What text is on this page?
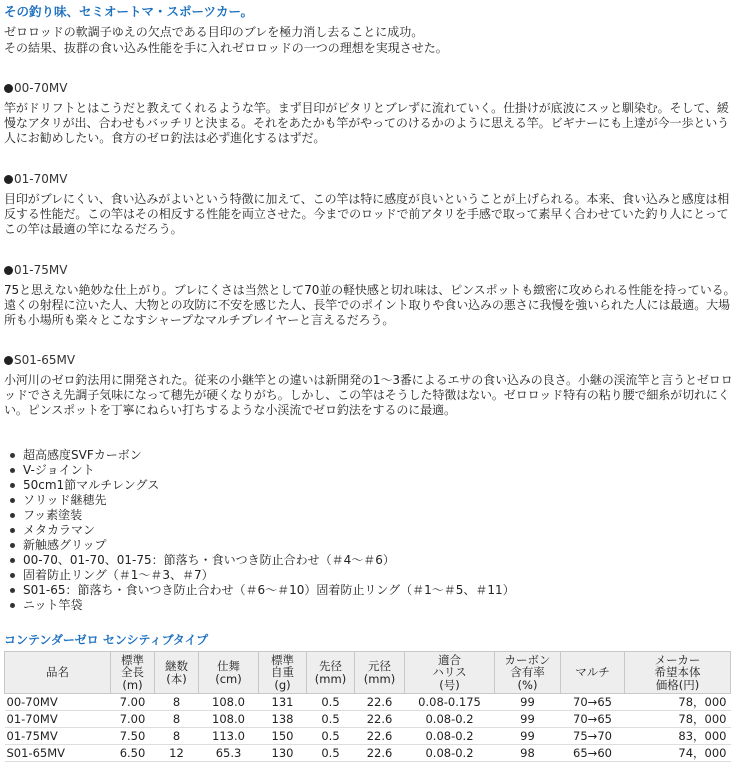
その釣り味、セミオートマ・スポーツカー。

ゼロロッドの軟調子ゆえの欠点である目印のブレを極力消し去ることに成功。

その結果、抜群の食い込み性能を手に入れゼロロッドの一つの理想を実現させた。

00-70MV

竿がドリフトとはこうだと教えてくれるような竿。まず目印がピタリとブレずに流れていく。仕掛けが底波にスッと馴染む。そして、緩慢なアタリが出、合わせもバッチリと決まる。それをあたかも竿がやってのけるかのように思える竿。ビギナーにも上達が今一歩という人にお勧めしたい。食方のゼロ釣法は必ず進化するはずだ。

01-70MV

目印がブレにくい、食い込みがよいという特徴に加えて、この竿は特に感度が良いということが上げられる。本来、食い込みと感度は相反する性能だ。この竿はその相反する性能を両立させた。今までのロッドで前アタリを手感で取って素早く合わせていた釣り人にとってこの竿は最適の竿になるだろう。

01-75MV

75と思えない絶妙な仕上がり。ブレにくさは当然として70並の軽快感と切れ味は、ピンスポットも緻密に攻められる性能を持っている。遠くの射程に泣いた人、大物との攻防に不安を感じた人、長竿でのポイント取りや食い込みの悪さに我慢を強いられた人には最適。大場所も小場所も楽々とこなすシャープなマルチプレイヤーと言えるだろう。

S01-65MV

小河川のゼロ釣法用に開発された。従来の小継竿との違いは新開発の1～3番によるエサの食い込みの良さ。小継の渓流竿と言うとゼロロッドでさえ先調子気味になって穂先が硬くなりがち。しかし、この竿はそうした特徴はない。ゼロロッド特有の粘り腰で細糸が切れにくい。ピンスポットを丁寧にねらい打ちするような小渓流でゼロ釣法をするのに最適。

超高感度SVFカーボン
V-ジョイント
50cm1節マルチレングス
ソリッド継穂先
フッ素塗装
メタカラマン
新触感グリップ
00-70、01-70、01-75：節落ち・食いつき防止合わせ（＃4～＃6）
固着防止リング（＃1～＃3、＃7）
S01-65：節落ち・食いつき防止合わせ（＃6～＃10）固着防止リング（＃1～＃5、＃11）
ニット竿袋
コンテンダーゼロ センシティブタイプ
品名	標準
全長
(m)	継数
(本)	仕舞
(cm)	標準
自重
(g)	先径
(mm)	元径
(mm)	適合
ハリス
(号)	カーボン
含有率
(%)	マルチ	メーカー
希望本体
価格(円)
00-70MV	7.00	8	108.0	131	0.5	22.6	0.08-0.175	99	70→65	78，000
01-70MV	7.00	8	108.0	138	0.5	22.6	0.08-0.2	99	70→65	78，000
01-75MV	7.50	8	113.0	150	0.5	22.6	0.08-0.2	99	75→70	83，000
S01-65MV	6.50	12	65.3	130	0.5	22.6	0.08-0.2	98	65→60	74，000
